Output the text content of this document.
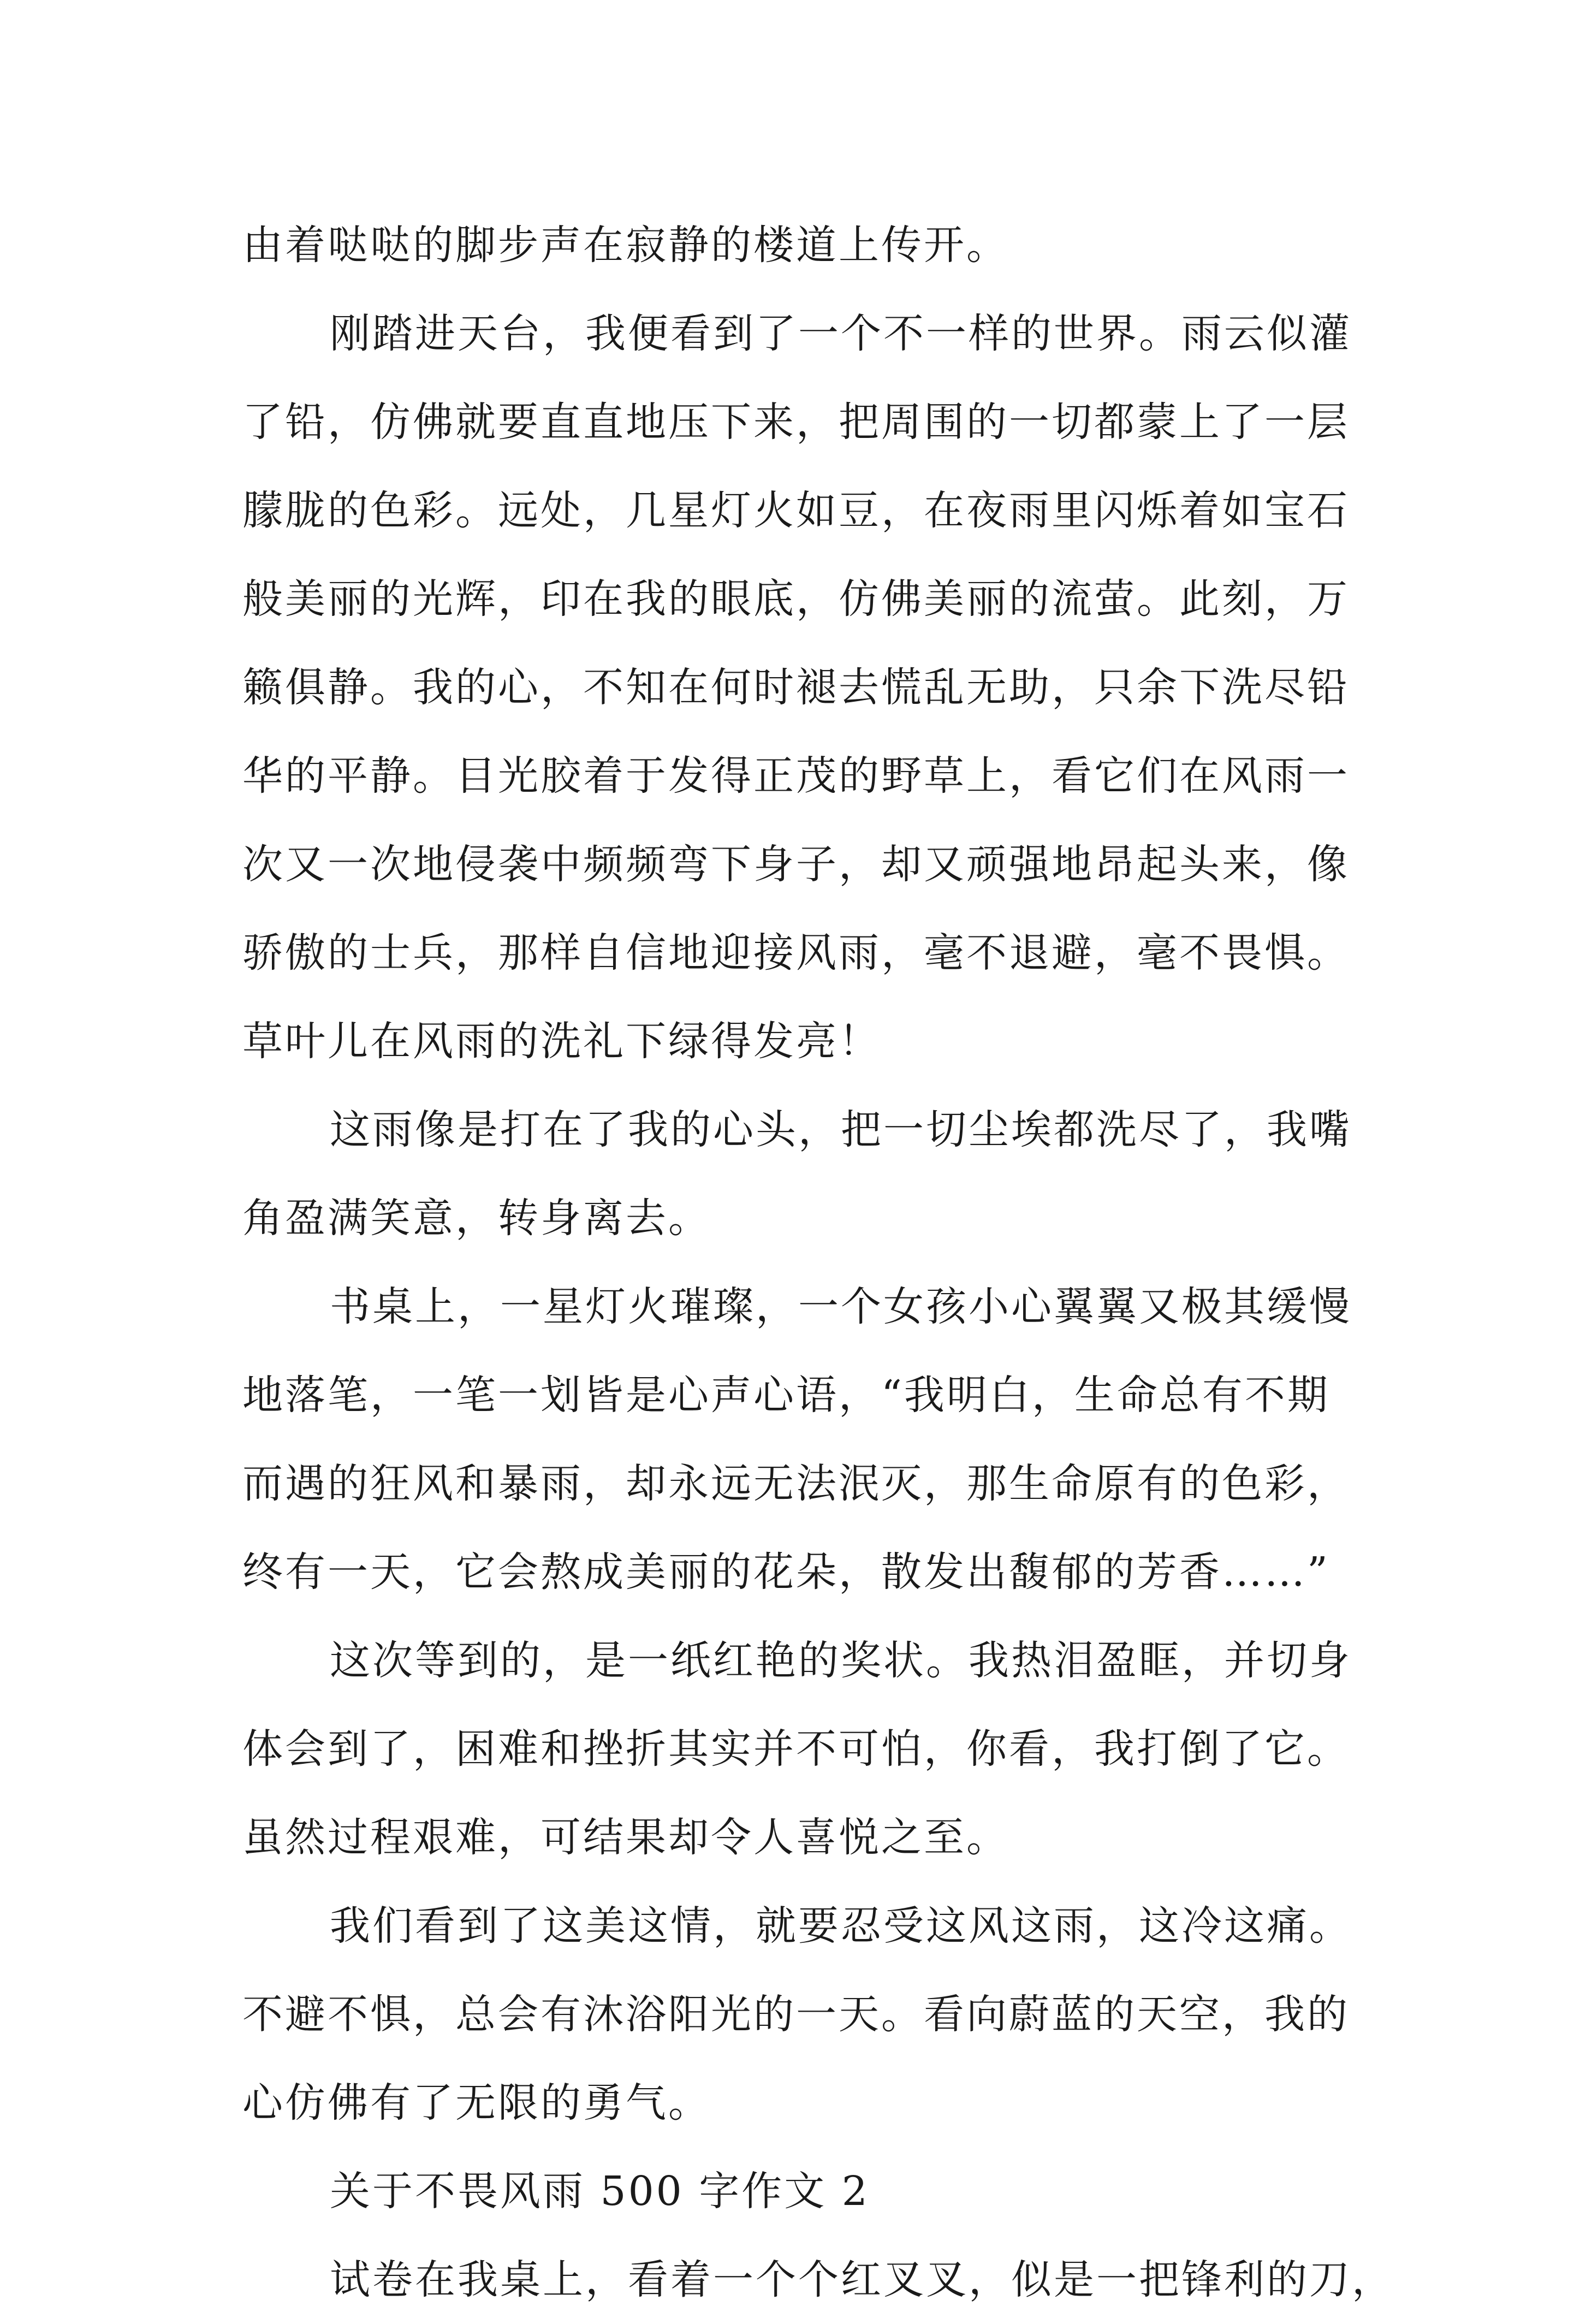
由着哒哒的脚步声在寂静的楼道上传开。
刚踏进天台，我便看到了一个不一样的世界。雨云似灌
了铅，仿佛就要直直地压下来，把周围的一切都蒙上了一层
朦胧的色彩。远处，几星灯火如豆，在夜雨里闪烁着如宝石
般美丽的光辉，印在我的眼底，仿佛美丽的流萤。此刻，万
籁俱静。我的心，不知在何时褪去慌乱无助，只余下洗尽铅
华的平静。目光胶着于发得正茂的野草上，看它们在风雨一
次又一次地侵袭中频频弯下身子，却又顽强地昂起头来，像
骄傲的士兵，那样自信地迎接风雨，毫不退避，毫不畏惧。
草叶儿在风雨的洗礼下绿得发亮！
这雨像是打在了我的心头，把一切尘埃都洗尽了，我嘴
角盈满笑意，转身离去。
书桌上，一星灯火璀璨，一个女孩小心翼翼又极其缓慢
地落笔，一笔一划皆是心声心语，“我明白，生命总有不期
而遇的狂风和暴雨，却永远无法泯灭，那生命原有的色彩，
终有一天，它会熬成美丽的花朵，散发出馥郁的芳香……”
这次等到的，是一纸红艳的奖状。我热泪盈眶，并切身
体会到了，困难和挫折其实并不可怕，你看，我打倒了它。
虽然过程艰难，可结果却令人喜悦之至。
我们看到了这美这情，就要忍受这风这雨，这冷这痛。
不避不惧，总会有沐浴阳光的一天。看向蔚蓝的天空，我的
心仿佛有了无限的勇气。
关于不畏风雨 500 字作文 2
试卷在我桌上，看着一个个红叉叉，似是一把锋利的刀，
